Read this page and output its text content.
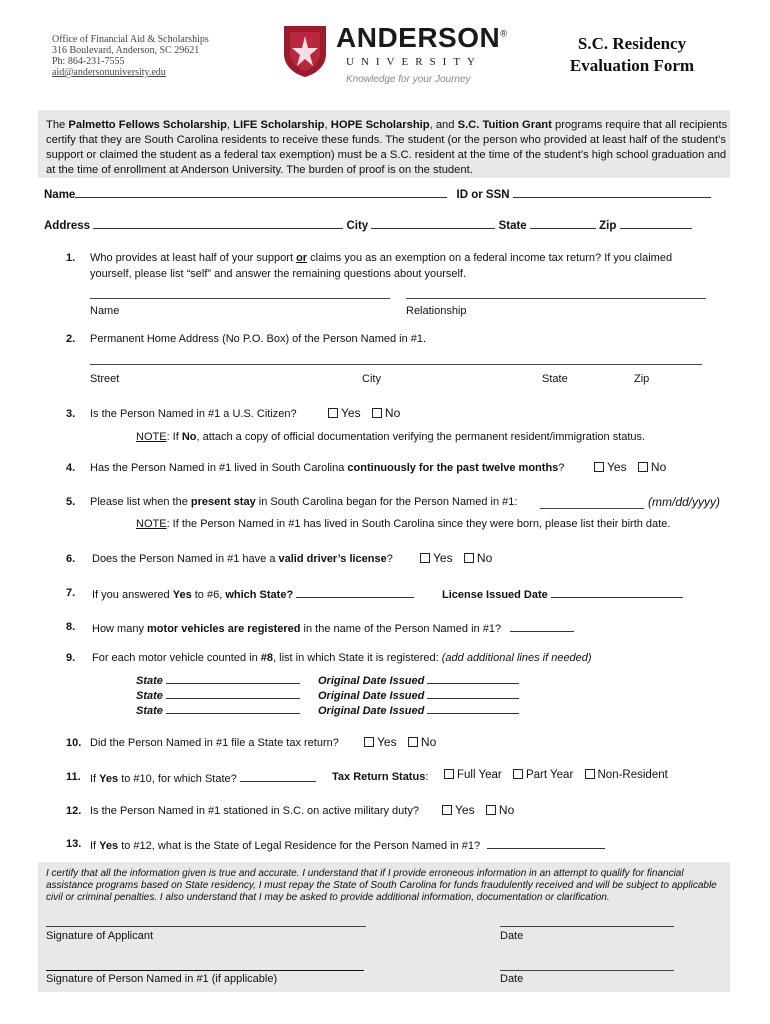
Office of Financial Aid & Scholarships
316 Boulevard, Anderson, SC 29621
Ph: 864-231-7555
aid@andersonuniversity.edu
ANDERSON®
UNIVERSITY
Knowledge for your Journey
S.C. Residency
Evaluation Form
The Palmetto Fellows Scholarship, LIFE Scholarship, HOPE Scholarship, and S.C. Tuition Grant programs require that all recipients certify that they are South Carolina residents to receive these funds. The student (or the person who provided at least half of the student’s support or claimed the student as a federal tax exemption) must be a S.C. resident at the time of the student’s high school graduation and at the time of enrollment at Anderson University. The burden of proof is on the student.
Name	ID or SSN
Address	City	State	Zip
1. Who provides at least half of your support or claims you as an exemption on a federal income tax return? If you claimed
yourself, please list “self” and answer the remaining questions about yourself.
Name	Relationship
2. Permanent Home Address (No P.O. Box) of the Person Named in #1.
Street	City	State	Zip
3. Is the Person Named in #1 a U.S. Citizen?	Yes No
NOTE: If No, attach a copy of official documentation verifying the permanent resident/immigration status.
4. Has the Person Named in #1 lived in South Carolina continuously for the past twelve months?	Yes No
5. Please list when the present stay in South Carolina began for the Person Named in #1:	(mm/dd/yyyy)
NOTE: If the Person Named in #1 has lived in South Carolina since they were born, please list their birth date.
6. Does the Person Named in #1 have a valid driver’s license?	Yes No
7. If you answered Yes to #6, which State?	License Issued Date
8. How many motor vehicles are registered in the name of the Person Named in #1?
9. For each motor vehicle counted in #8, list in which State it is registered: (add additional lines if needed)
State	Original Date Issued
State	Original Date Issued
State	Original Date Issued
10. Did the Person Named in #1 file a State tax return?	Yes No
11. If Yes to #10, for which State?	Tax Return Status:	Full Year Part Year Non-Resident
12. Is the Person Named in #1 stationed in S.C. on active military duty?	Yes No
13. If Yes to #12, what is the State of Legal Residence for the Person Named in #1?
I certify that all the information given is true and accurate. I understand that if I provide erroneous information in an attempt to qualify for financial assistance programs based on State residency, I must repay the State of South Carolina for funds fraudulently received and will be subject to applicable civil or criminal penalties. I also understand that I may be asked to provide additional information, documentation or clarification.
Signature of Applicant	Date
Signature of Person Named in #1 (if applicable)	Date
